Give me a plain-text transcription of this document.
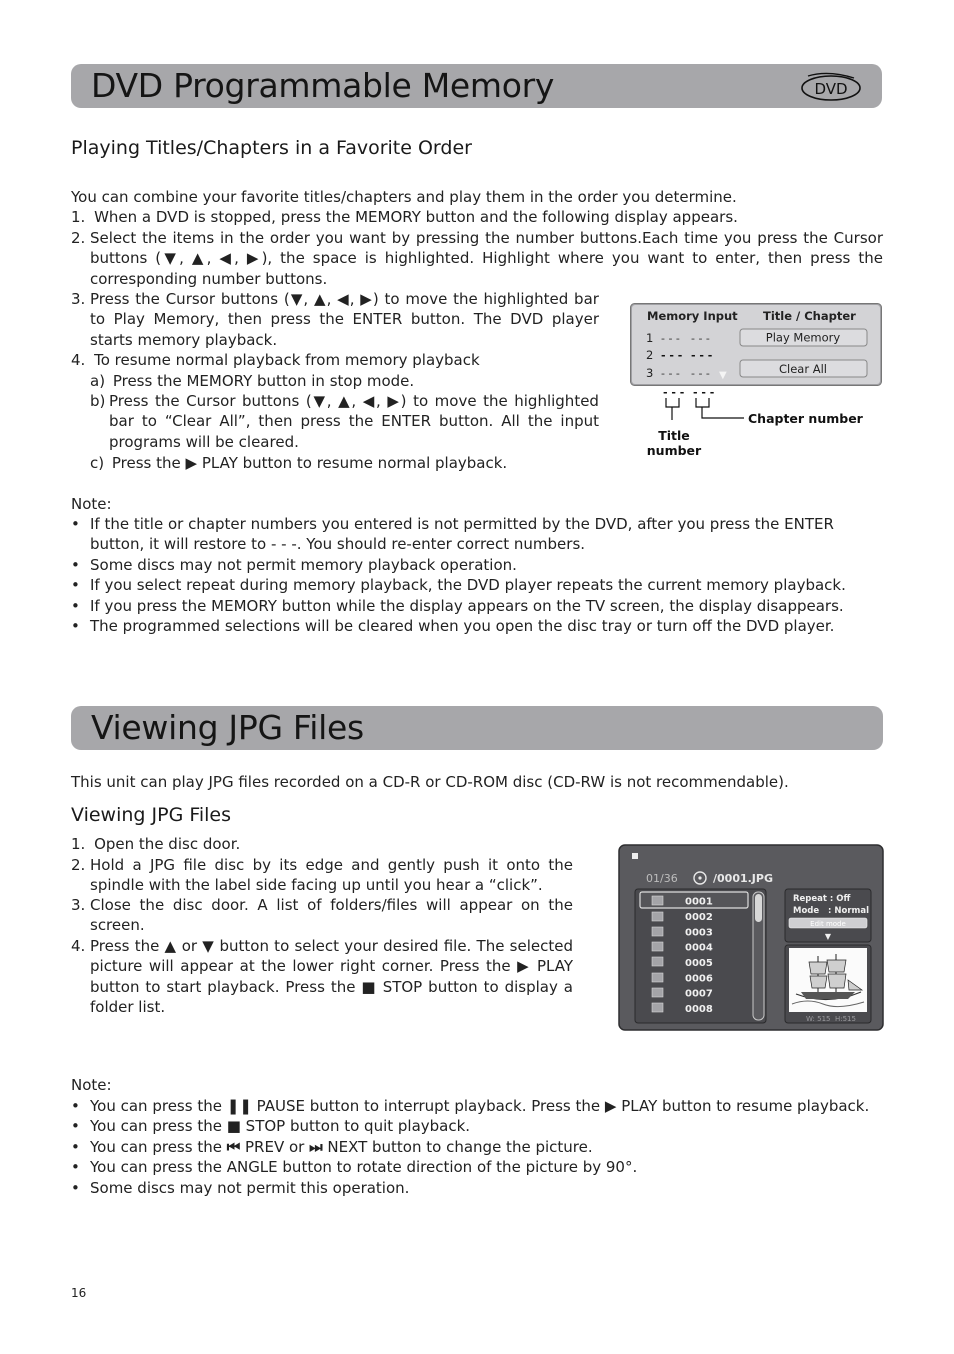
DVD Programmable Memory	DVD
Playing Titles/Chapters in a Favorite Order
You can combine your favorite titles/chapters and play them in the order you determine.
1. When a DVD is stopped, press the MEMORY button and the following display appears.
2. Select the items in the order you want by pressing the number buttons.Each time you press the Cursor buttons (▼, ▲, ◀, ▶), the space is highlighted. Highlight where you want to enter, then press the corresponding number buttons.
3. Press the Cursor buttons (▼, ▲, ◀, ▶) to move the highlighted bar to Play Memory, then press the ENTER button. The DVD player starts memory playback.
4. To resume normal playback from memory playback
a) Press the MEMORY button in stop mode.
b) Press the Cursor buttons (▼, ▲, ◀, ▶) to move the highlighted bar to “Clear All”, then press the ENTER button. All the input programs will be cleared.
c) Press the ▶ PLAY button to resume normal playback.
Memory Input Title / Chapter
1
2
3
- - - - - -
- - - - - -
- - - - - - ▼
Play Memory
Clear All
- - - - - -
Chapter number
Title
number
Note:
• If the title or chapter numbers you entered is not permitted by the DVD, after you press the ENTER button, it will restore to - - -. You should re-enter correct numbers.
• Some discs may not permit memory playback operation.
• If you select repeat during memory playback, the DVD player repeats the current memory playback.
• If you press the MEMORY button while the display appears on the TV screen, the display disappears.
• The programmed selections will be cleared when you open the disc tray or turn off the DVD player.
Viewing JPG Files
This unit can play JPG files recorded on a CD-R or CD-ROM disc (CD-RW is not recommendable).
Viewing JPG Files
1. Open the disc door.
2. Hold a JPG file disc by its edge and gently push it onto the spindle with the label side facing up until you hear a “click”.
3. Close the disc door. A list of folders/files will appear on the screen.
4. Press the ▲ or ▼ button to select your desired file. The selected picture will appear at the lower right corner. Press the ▶ PLAY button to start playback. Press the ■ STOP button to display a folder list.
01/36	/0001.JPG
0001
0002
0003
0004
0005
0006
0007
0008
Repeat : Off
Mode   : Normal
Edit mode
▼
W: 515  H:515
Note:
• You can press the ❚❚ PAUSE button to interrupt playback. Press the ▶ PLAY button to resume playback.
• You can press the ■ STOP button to quit playback.
• You can press the ⏮ PREV or ⏭ NEXT button to change the picture.
• You can press the ANGLE button to rotate direction of the picture by 90°.
• Some discs may not permit this operation.
16
